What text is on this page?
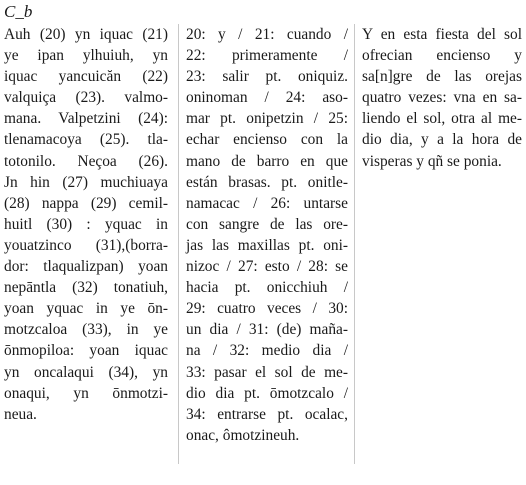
C_b
Auh (20) yn iquac (21)
ye ipan ylhuiuh, yn
iquac yancuicăn (22)
valquiça (23). valmo-
mana. Valpetzini (24):
tlenamacoya (25). tla-
totonilo. Neçoa (26).
Jn hin (27) muchiuaya
(28) nappa (29) cemil-
huitl (30) : yquac in
youatzinco (31),(borra-
dor: tlaqualizpan) yoan
nepāntla (32) tonatiuh,
yoan yquac in ye ōn-
motzcaloa (33), in ye
ōnmopiloa: yoan iquac
yn oncalaqui (34), yn
onaqui, yn ōnmotzi-
neua.
20: y / 21: cuando /
22: primeramente /
23: salir pt. oniquiz.
oninoman / 24: aso-
mar pt. onipetzin / 25:
echar enciensо con la
mano de barro en que
están brasas. pt. onitle-
namacac / 26: untarse
con sangre de las ore-
jas las maxillas pt. oni-
nizoc / 27: esto / 28: se
hacia pt. onicchiuh /
29: cuatro veces / 30:
un dia / 31: (de) maña-
na / 32: medio dia /
33: pasar el sol de me-
dio dia pt. ōmotzcalo /
34: entrarse pt. ocalac,
onac, ômotzineuh.
Y en esta fiesta del sol
ofrecian enciensо y
sa[n]gre de las orejas
quatro vezes: vna en sa-
liendo el sol, otra al me-
dio dia, y a la hora de
visperas y qñ se ponia.
